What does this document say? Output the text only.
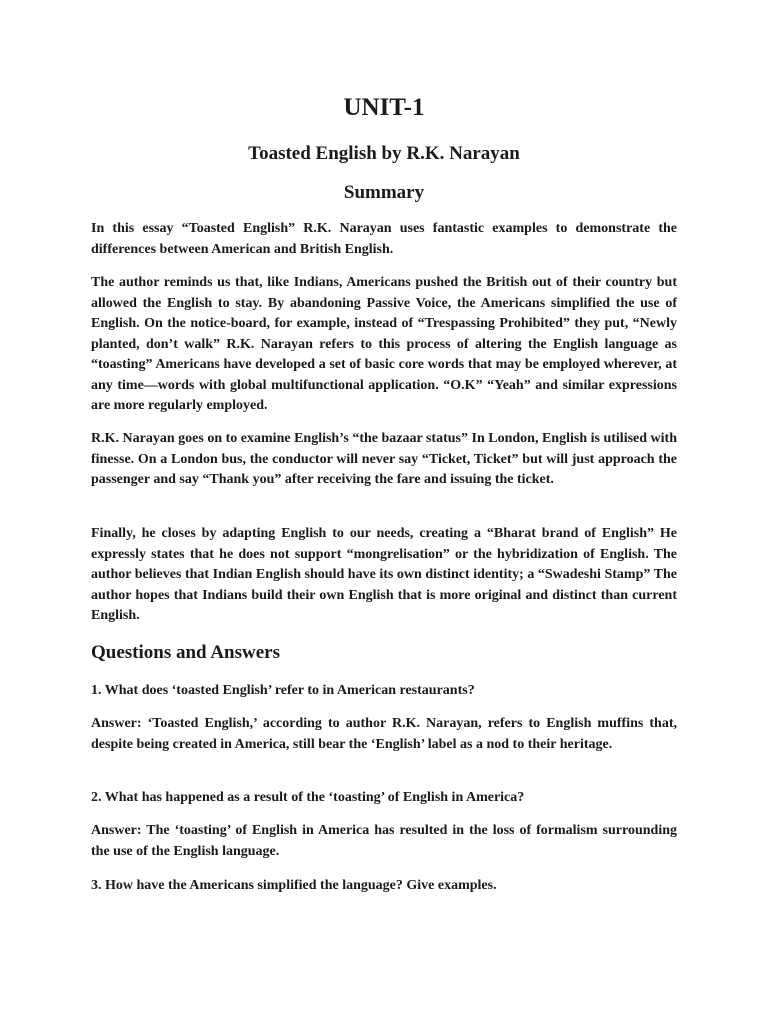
UNIT-1
Toasted English by R.K. Narayan
Summary

In this essay “Toasted English” R.K. Narayan uses fantastic examples to demonstrate the differences between American and British English.

The author reminds us that, like Indians, Americans pushed the British out of their country but allowed the English to stay. By abandoning Passive Voice, the Americans simplified the use of English. On the notice-board, for example, instead of “Trespassing Prohibited” they put, “Newly planted, don’t walk” R.K. Narayan refers to this process of altering the English language as “toasting” Americans have developed a set of basic core words that may be employed wherever, at any time—words with global multifunctional application. “O.K” “Yeah” and similar expressions are more regularly employed.

R.K. Narayan goes on to examine English’s “the bazaar status” In London, English is utilised with finesse. On a London bus, the conductor will never say “Ticket, Ticket” but will just approach the passenger and say “Thank you” after receiving the fare and issuing the ticket.

Finally, he closes by adapting English to our needs, creating a “Bharat brand of English” He expressly states that he does not support “mongrelisation” or the hybridization of English. The author believes that Indian English should have its own distinct identity; a “Swadeshi Stamp” The author hopes that Indians build their own English that is more original and distinct than current English.

Questions and Answers

1. What does ‘toasted English’ refer to in American restaurants?

Answer: ‘Toasted English,’ according to author R.K. Narayan, refers to English muffins that, despite being created in America, still bear the ‘English’ label as a nod to their heritage.

2. What has happened as a result of the ‘toasting’ of English in America?

Answer: The ‘toasting’ of English in America has resulted in the loss of formalism surrounding the use of the English language.

3. How have the Americans simplified the language? Give examples.
